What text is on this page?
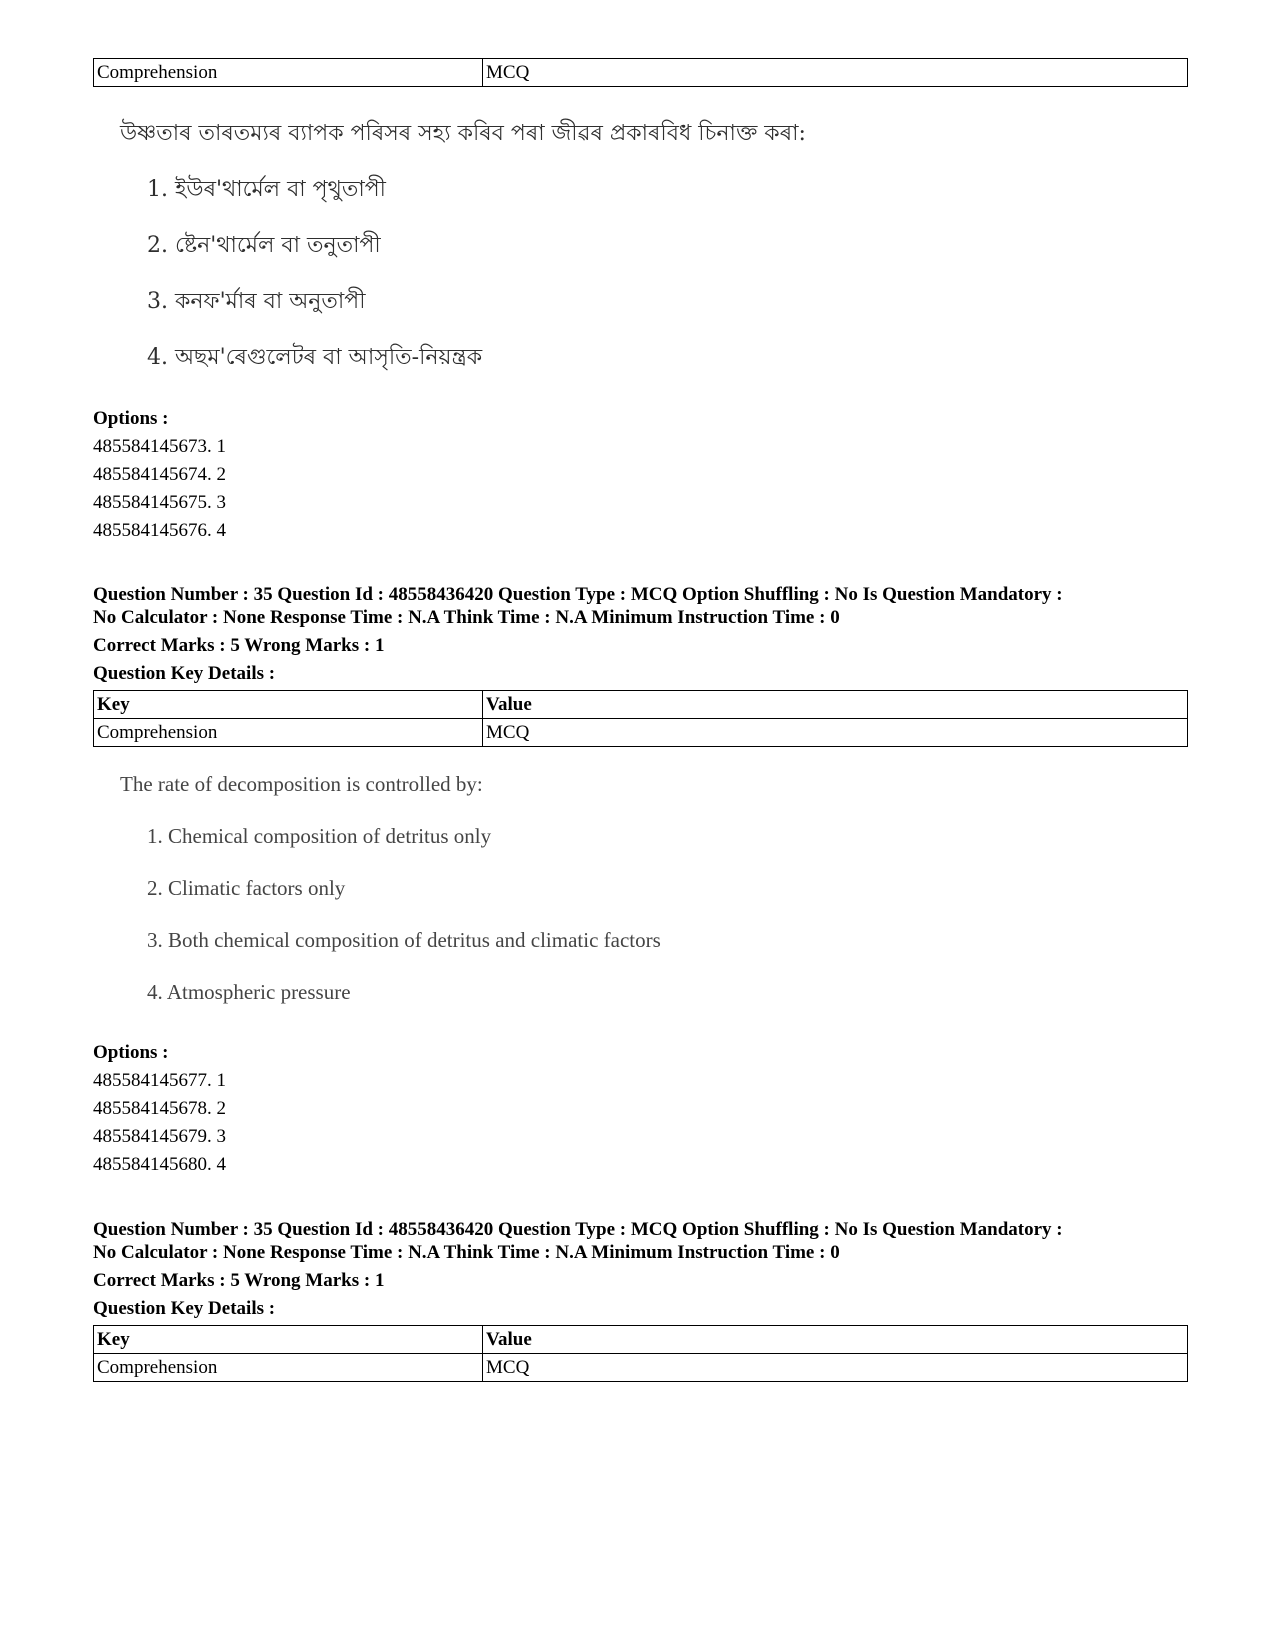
Comprehension	MCQ
উষ্ণতাৰ তাৰতম্যৰ ব্যাপক পৰিসৰ সহ্য কৰিব পৰা জীৱৰ প্ৰকাৰবিধ চিনাক্ত কৰা:
1. ইউৰ'থাৰ্মেল বা পৃথুতাপী
2. ষ্টেন'থাৰ্মেল বা তনুতাপী
3. কনফ'ৰ্মাৰ বা অনুতাপী
4. অছম'ৰেগুলেটৰ বা আসৃতি-নিয়ন্ত্ৰক
Options :
485584145673. 1
485584145674. 2
485584145675. 3
485584145676. 4
Question Number : 35 Question Id : 48558436420 Question Type : MCQ Option Shuffling : No Is Question Mandatory :
No Calculator : None Response Time : N.A Think Time : N.A Minimum Instruction Time : 0
Correct Marks : 5 Wrong Marks : 1
Question Key Details :
Key	Value
Comprehension	MCQ
The rate of decomposition is controlled by:
1. Chemical composition of detritus only
2. Climatic factors only
3. Both chemical composition of detritus and climatic factors
4. Atmospheric pressure
Options :
485584145677. 1
485584145678. 2
485584145679. 3
485584145680. 4
Question Number : 35 Question Id : 48558436420 Question Type : MCQ Option Shuffling : No Is Question Mandatory :
No Calculator : None Response Time : N.A Think Time : N.A Minimum Instruction Time : 0
Correct Marks : 5 Wrong Marks : 1
Question Key Details :
Key	Value
Comprehension	MCQ
